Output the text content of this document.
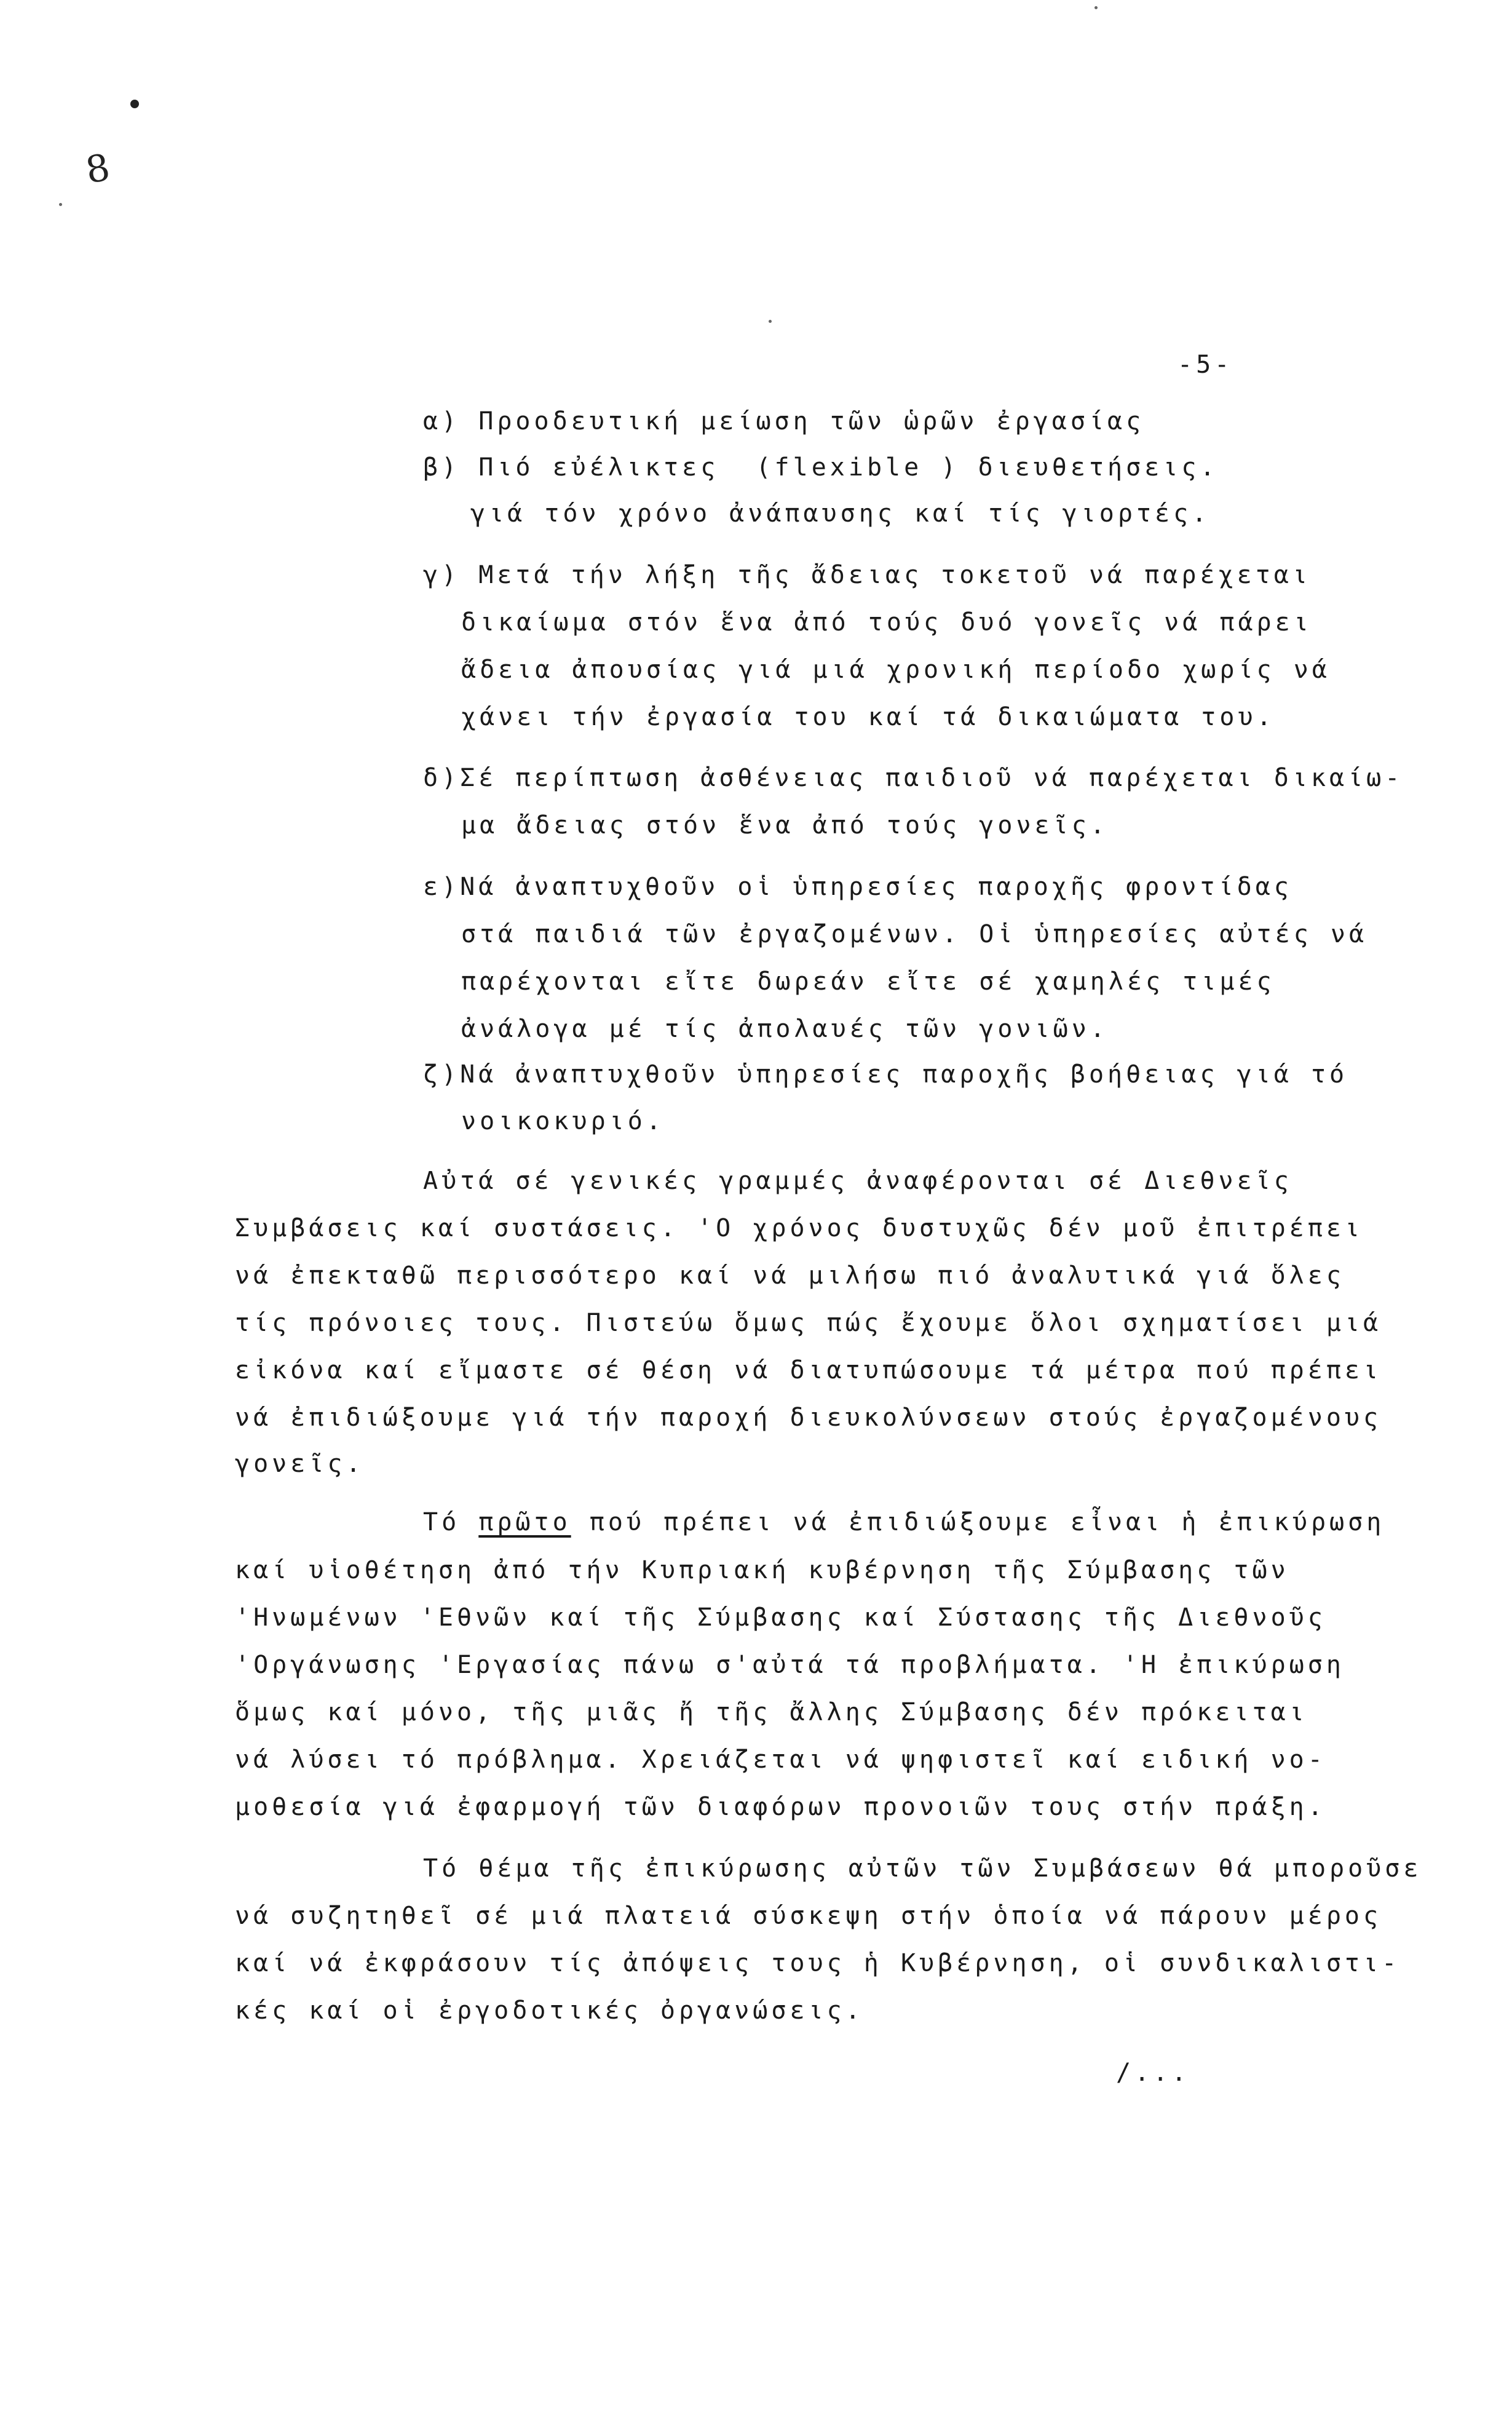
8
-5-
α) Προοδευτική μείωση τῶν ὡρῶν ἐργασίας
β) Πιό εὐέλικτες  (flexible ) διευθετήσεις.
γιά τόν χρόνο ἀνάπαυσης καί τίς γιορτές.
γ) Μετά τήν λήξη τῆς ἄδειας τοκετοῦ νά παρέχεται
δικαίωμα στόν ἕνα ἀπό τούς δυό γονεῖς νά πάρει
ἄδεια ἀπουσίας γιά μιά χρονική περίοδο χωρίς νά
χάνει τήν ἐργασία του καί τά δικαιώματα του.
δ)Σέ περίπτωση ἀσθένειας παιδιοῦ νά παρέχεται δικαίω-
μα ἄδειας στόν ἕνα ἀπό τούς γονεῖς.
ε)Νά ἀναπτυχθοῦν οἱ ὑπηρεσίες παροχῆς φροντίδας
στά παιδιά τῶν ἐργαζομένων. Οἱ ὑπηρεσίες αὐτές νά
παρέχονται εἴτε δωρεάν εἴτε σέ χαμηλές τιμές
ἀνάλογα μέ τίς ἀπολαυές τῶν γονιῶν.
ζ)Νά ἀναπτυχθοῦν ὑπηρεσίες παροχῆς βοήθειας γιά τό
νοικοκυριό.
Αὐτά σέ γενικές γραμμές ἀναφέρονται σέ Διεθνεῖς
Συμβάσεις καί συστάσεις. 'Ο χρόνος δυστυχῶς δέν μοῦ ἐπιτρέπει
νά ἐπεκταθῶ περισσότερο καί νά μιλήσω πιό ἀναλυτικά γιά ὅλες
τίς πρόνοιες τους. Πιστεύω ὅμως πώς ἔχουμε ὅλοι σχηματίσει μιά
εἰκόνα καί εἴμαστε σέ θέση νά διατυπώσουμε τά μέτρα πού πρέπει
νά ἐπιδιώξουμε γιά τήν παροχή διευκολύνσεων στούς ἐργαζομένους
γονεῖς.
Τό πρῶτο πού πρέπει νά ἐπιδιώξουμε εἶναι ἡ ἐπικύρωση
καί υἱοθέτηση ἀπό τήν Κυπριακή κυβέρνηση τῆς Σύμβασης τῶν
'Ηνωμένων 'Εθνῶν καί τῆς Σύμβασης καί Σύστασης τῆς Διεθνοῦς
'Οργάνωσης 'Εργασίας πάνω σ'αὐτά τά προβλήματα. 'Η ἐπικύρωση
ὅμως καί μόνο, τῆς μιᾶς ἤ τῆς ἄλλης Σύμβασης δέν πρόκειται
νά λύσει τό πρόβλημα. Χρειάζεται νά ψηφιστεῖ καί ειδική νο-
μοθεσία γιά ἐφαρμογή τῶν διαφόρων προνοιῶν τους στήν πράξη.
Τό θέμα τῆς ἐπικύρωσης αὐτῶν τῶν Συμβάσεων θά μποροῦσε
νά συζητηθεῖ σέ μιά πλατειά σύσκεψη στήν ὁποία νά πάρουν μέρος
καί νά ἐκφράσουν τίς ἀπόψεις τους ἡ Κυβέρνηση, οἱ συνδικαλιστι-
κές καί οἱ ἐργοδοτικές ὀργανώσεις.
/...
